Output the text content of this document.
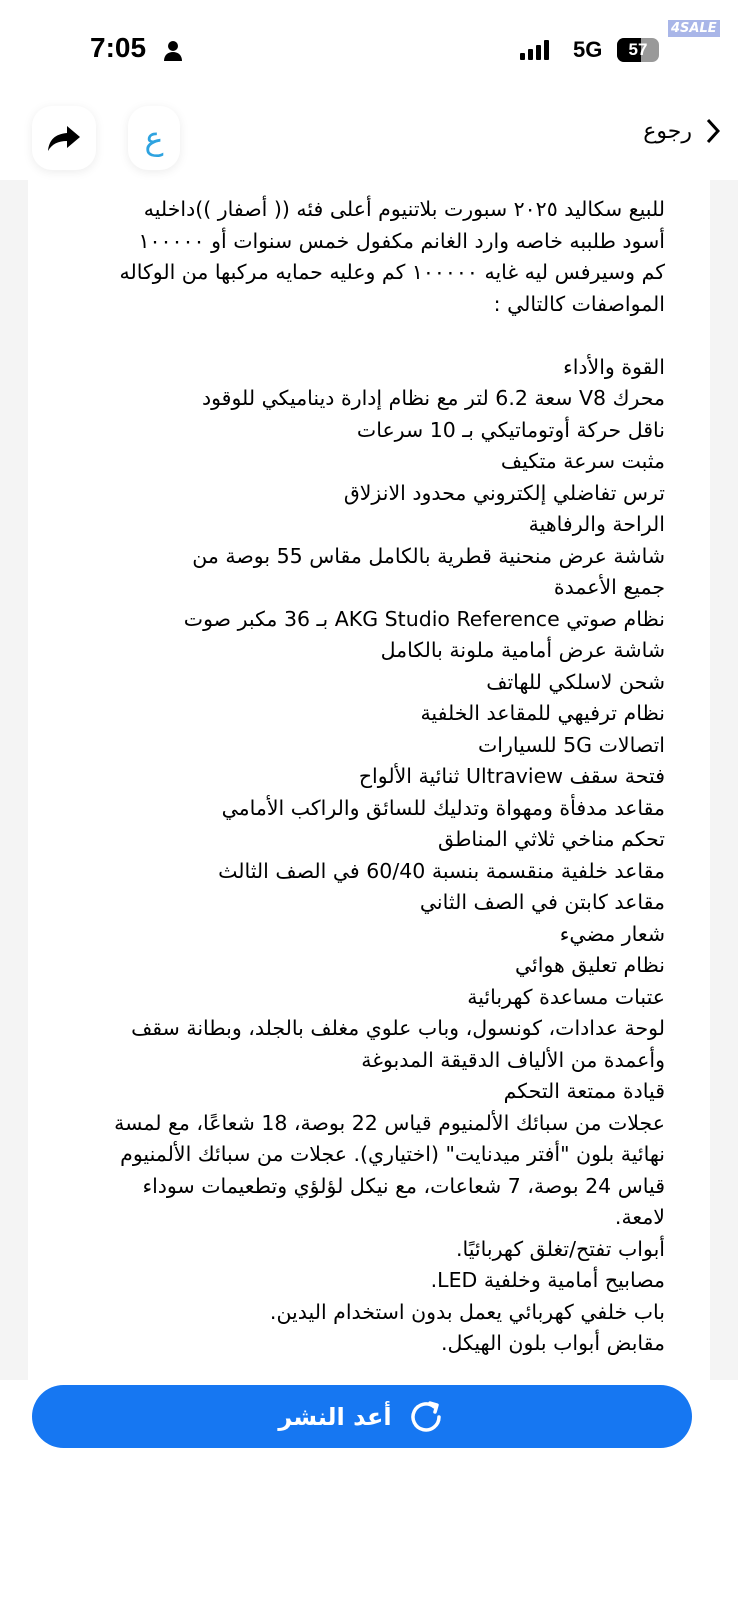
7:05	5G	57
4SALE
ع	رجوع
للبيع سكاليد ٢٠٢٥ سبورت بلاتنيوم أعلى فئه (( أصفار ))داخليه
أسود طلببه خاصه وارد الغانم مكفول خمس سنوات أو ١٠٠٠٠٠
كم وسيرفس ليه غايه ١٠٠٠٠٠ كم وعليه حمايه مركبها من الوكاله
المواصفات كالتالي :
القوة والأداء
محرك V8 سعة 6.2 لتر مع نظام إدارة ديناميكي للوقود
ناقل حركة أوتوماتيكي بـ 10 سرعات
مثبت سرعة متكيف
ترس تفاضلي إلكتروني محدود الانزلاق
الراحة والرفاهية
شاشة عرض منحنية قطرية بالكامل مقاس 55 بوصة من
جميع الأعمدة
نظام صوتي AKG Studio Reference بـ 36 مكبر صوت
شاشة عرض أمامية ملونة بالكامل
شحن لاسلكي للهاتف
نظام ترفيهي للمقاعد الخلفية
اتصالات 5G للسيارات
فتحة سقف Ultraview ثنائية الألواح
مقاعد مدفأة ومهواة وتدليك للسائق والراكب الأمامي
تحكم مناخي ثلاثي المناطق
مقاعد خلفية منقسمة بنسبة 60/40 في الصف الثالث
مقاعد كابتن في الصف الثاني
شعار مضيء
نظام تعليق هوائي
عتبات مساعدة كهربائية
لوحة عدادات، كونسول، وباب علوي مغلف بالجلد، وبطانة سقف
وأعمدة من الألياف الدقيقة المدبوغة
قيادة ممتعة التحكم
عجلات من سبائك الألمنيوم قياس 22 بوصة، 18 شعاعًا، مع لمسة
نهائية بلون "أفتر ميدنايت" (اختياري). عجلات من سبائك الألمنيوم
قياس 24 بوصة، 7 شعاعات، مع نيكل لؤلؤي وتطعيمات سوداء
لامعة.
أبواب تفتح/تغلق كهربائيًا.
مصابيح أمامية وخلفية LED.
باب خلفي كهربائي يعمل بدون استخدام اليدين.
مقابض أبواب بلون الهيكل.
أعد النشر
